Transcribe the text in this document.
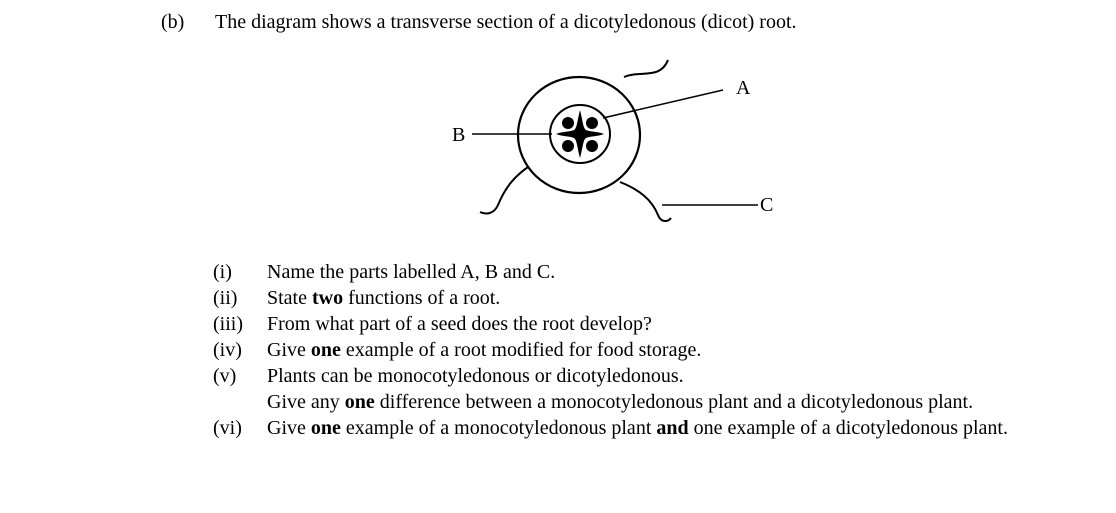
(b) The diagram shows a transverse section of a dicotyledonous (dicot) root.
A
B
C
(i)	Name the parts labelled A, B and C.
(ii)	State two functions of a root.
(iii)	From what part of a seed does the root develop?
(iv)	Give one example of a root modified for food storage.
(v)	Plants can be monocotyledonous or dicotyledonous.
Give any one difference between a monocotyledonous plant and a dicotyledonous plant.
(vi)	Give one example of a monocotyledonous plant and one example of a dicotyledonous plant.
